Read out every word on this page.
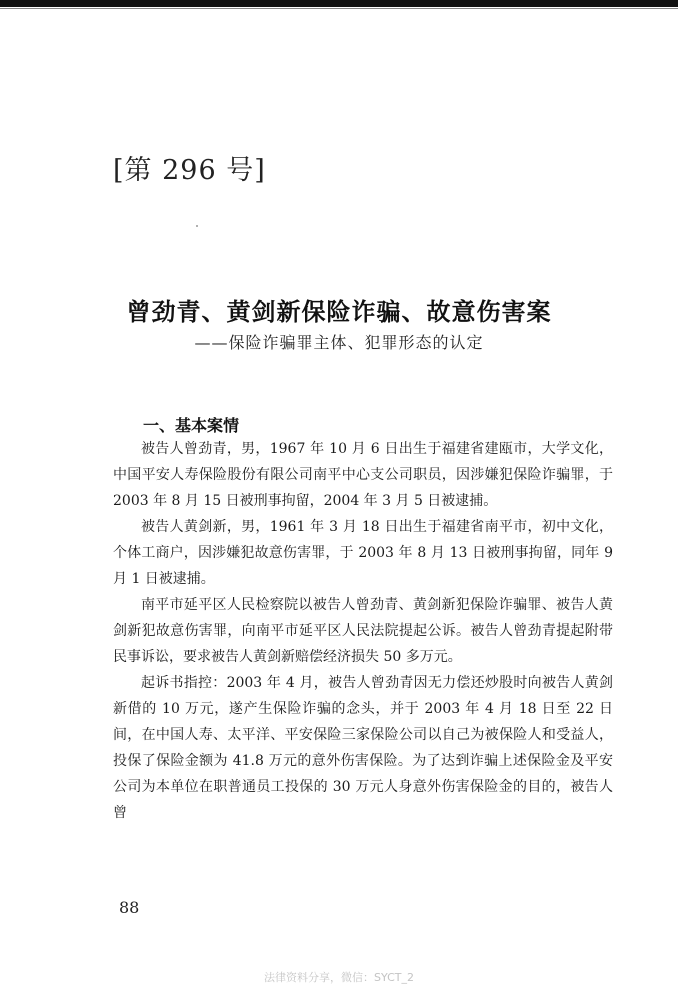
[第 296 号]
曾劲青、黄剑新保险诈骗、故意伤害案
——保险诈骗罪主体、犯罪形态的认定
一、基本案情

被告人曾劲青，男，1967 年 10 月 6 日出生于福建省建瓯市，大学文化，中国平安人寿保险股份有限公司南平中心支公司职员，因涉嫌犯保险诈骗罪，于 2003 年 8 月 15 日被刑事拘留，2004 年 3 月 5 日被逮捕。

被告人黄剑新，男，1961 年 3 月 18 日出生于福建省南平市，初中文化，个体工商户，因涉嫌犯故意伤害罪，于 2003 年 8 月 13 日被刑事拘留，同年 9 月 1 日被逮捕。

南平市延平区人民检察院以被告人曾劲青、黄剑新犯保险诈骗罪、被告人黄剑新犯故意伤害罪，向南平市延平区人民法院提起公诉。被告人曾劲青提起附带民事诉讼，要求被告人黄剑新赔偿经济损失 50 多万元。

起诉书指控：2003 年 4 月，被告人曾劲青因无力偿还炒股时向被告人黄剑新借的 10 万元，遂产生保险诈骗的念头，并于 2003 年 4 月 18 日至 22 日间，在中国人寿、太平洋、平安保险三家保险公司以自己为被保险人和受益人，投保了保险金额为 41.8 万元的意外伤害保险。为了达到诈骗上述保险金及平安公司为本单位在职普通员工投保的 30 万元人身意外伤害保险金的目的，被告人曾

88
法律资料分享，微信：SYCT_2
